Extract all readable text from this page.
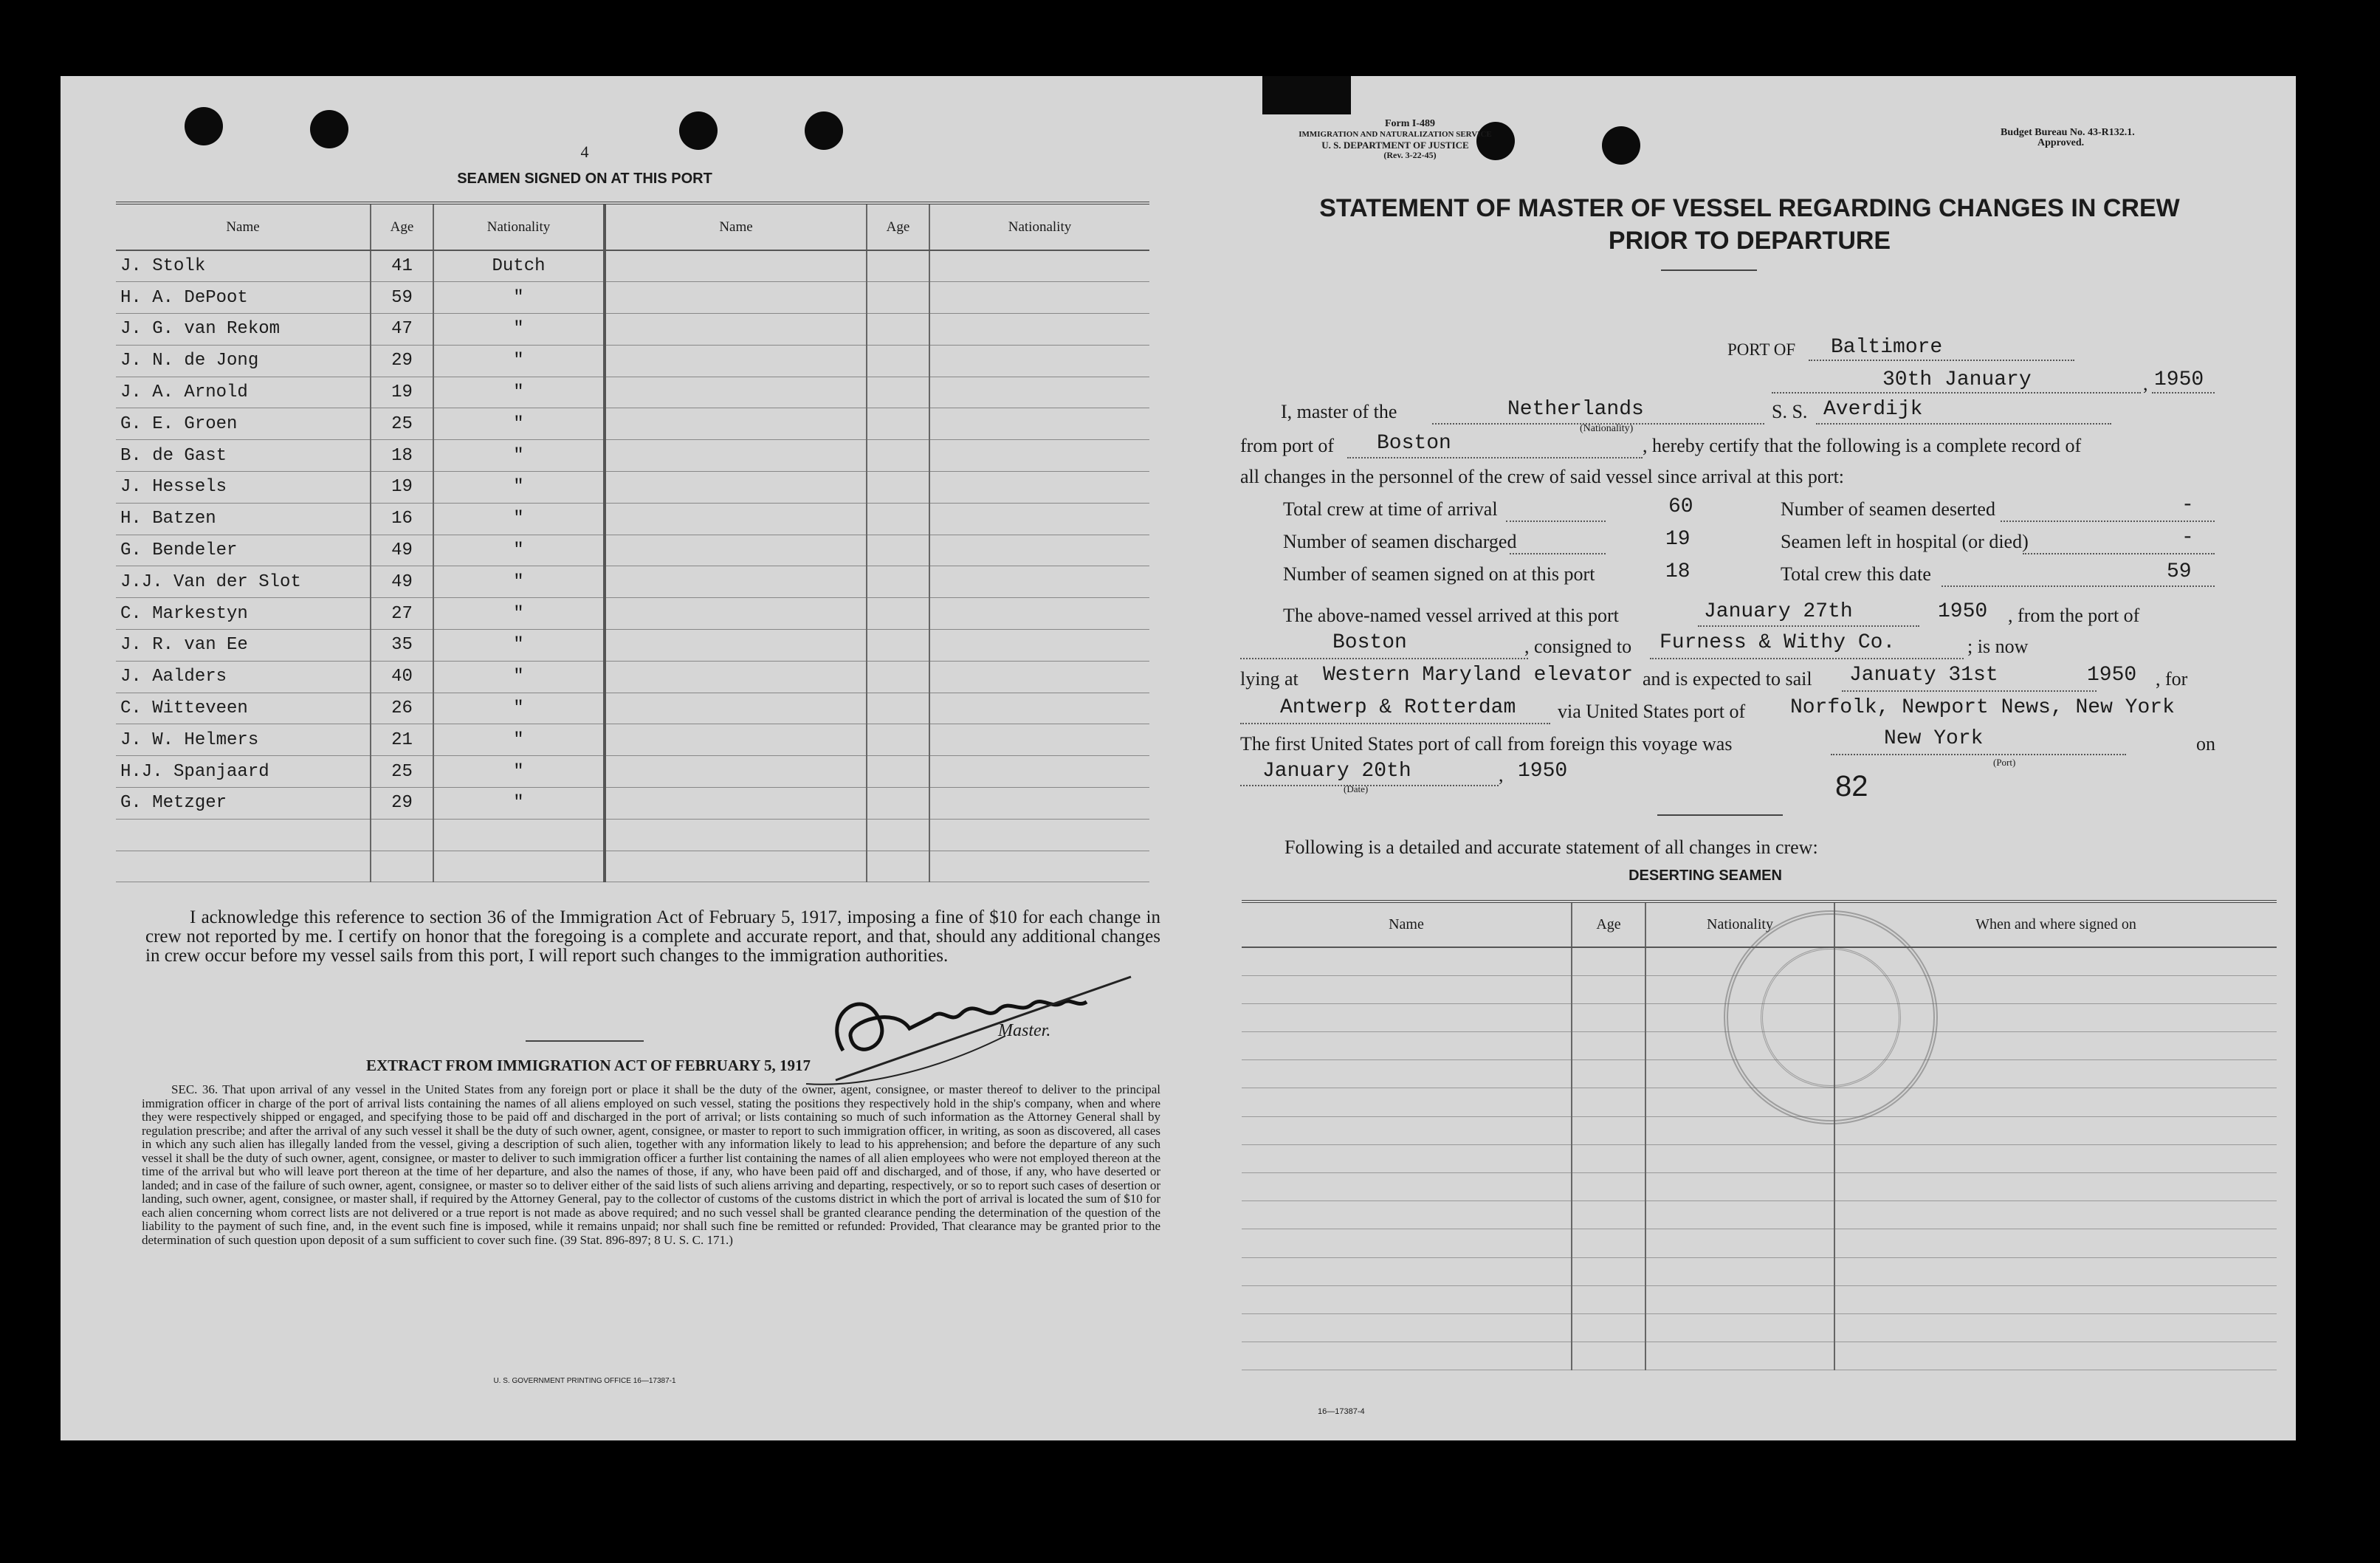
4
SEAMEN SIGNED ON AT THIS PORT
Name	Age	Nationality	Name	Age	Nationality
J. Stolk	41	Dutch			
H. A. DePoot	59	"			
J. G. van Rekom	47	"			
J. N. de Jong	29	"			
J. A. Arnold	19	"			
G. E. Groen	25	"			
B. de Gast	18	"			
J. Hessels	19	"			
H. Batzen	16	"			
G. Bendeler	49	"			
J.J. Van der Slot	49	"			
C. Markestyn	27	"			
J. R. van Ee	35	"			
J. Aalders	40	"			
C. Witteveen	26	"			
J. W. Helmers	21	"			
H.J. Spanjaard	25	"			
G. Metzger	29	"			

I acknowledge this reference to section 36 of the Immigration Act of February 5, 1917, imposing a fine of $10 for each change in crew not reported by me. I certify on honor that the foregoing is a complete and accurate report, and that, should any additional changes in crew occur before my vessel sails from this port, I will report such changes to the immigration authorities.
Master.
EXTRACT FROM IMMIGRATION ACT OF FEBRUARY 5, 1917
SEC. 36. That upon arrival of any vessel in the United States from any foreign port or place it shall be the duty of the owner, agent, consignee, or master thereof to deliver to the principal immigration officer in charge of the port of arrival lists containing the names of all aliens employed on such vessel, stating the positions they respectively hold in the ship's company, when and where they were respectively shipped or engaged, and specifying those to be paid off and discharged in the port of arrival; or lists containing so much of such information as the Attorney General shall by regulation prescribe; and after the arrival of any such vessel it shall be the duty of such owner, agent, consignee, or master to report to such immigration officer, in writing, as soon as discovered, all cases in which any such alien has illegally landed from the vessel, giving a description of such alien, together with any information likely to lead to his apprehension; and before the departure of any such vessel it shall be the duty of such owner, agent, consignee, or master to deliver to such immigration officer a further list containing the names of all alien employees who were not employed thereon at the time of the arrival but who will leave port thereon at the time of her departure, and also the names of those, if any, who have been paid off and discharged, and of those, if any, who have deserted or landed; and in case of the failure of such owner, agent, consignee, or master so to deliver either of the said lists of such aliens arriving and departing, respectively, or so to report such cases of desertion or landing, such owner, agent, consignee, or master shall, if required by the Attorney General, pay to the collector of customs of the customs district in which the port of arrival is located the sum of $10 for each alien concerning whom correct lists are not delivered or a true report is not made as above required; and no such vessel shall be granted clearance pending the determination of the question of the liability to the payment of such fine, and, in the event such fine is imposed, while it remains unpaid; nor shall such fine be remitted or refunded: Provided, That clearance may be granted prior to the determination of such question upon deposit of a sum sufficient to cover such fine. (39 Stat. 896-897; 8 U. S. C. 171.)
U. S. GOVERNMENT PRINTING OFFICE 16—17387-1
Form I-489
IMMIGRATION AND NATURALIZATION SERVICE
U. S. DEPARTMENT OF JUSTICE
(Rev. 3-22-45)
Budget Bureau No. 43-R132.1.
Approved.
STATEMENT OF MASTER OF VESSEL REGARDING CHANGES IN CREW
PRIOR TO DEPARTURE
PORT OF Baltimore
30th January	, 1950
I, master of the	Netherlands
(Nationality)
S. S. Averdijk
from port of Boston	, hereby certify that the following is a complete record of
all changes in the personnel of the crew of said vessel since arrival at this port:
Total crew at time of arrival	60	Number of seamen deserted	-
Number of seamen discharged	19	Seamen left in hospital (or died)	-
Number of seamen signed on at this port	18	Total crew this date	59
The above-named vessel arrived at this port	January 27th	1950 , from the port of
Boston	, consigned to Furness & Withy Co.	; is now
lying at Western Maryland elevator and is expected to sail Januaty 31st	1950 , for
Antwerp & Rotterdam via United States port of Norfolk, Newport News, New York
The first United States port of call from foreign this voyage was	New York
(Port)
on
January 20th
(Date)
, 1950	82
Following is a detailed and accurate statement of all changes in crew:
DESERTING SEAMEN
Name	Age	Nationality	When and where signed on

16—17387-4
